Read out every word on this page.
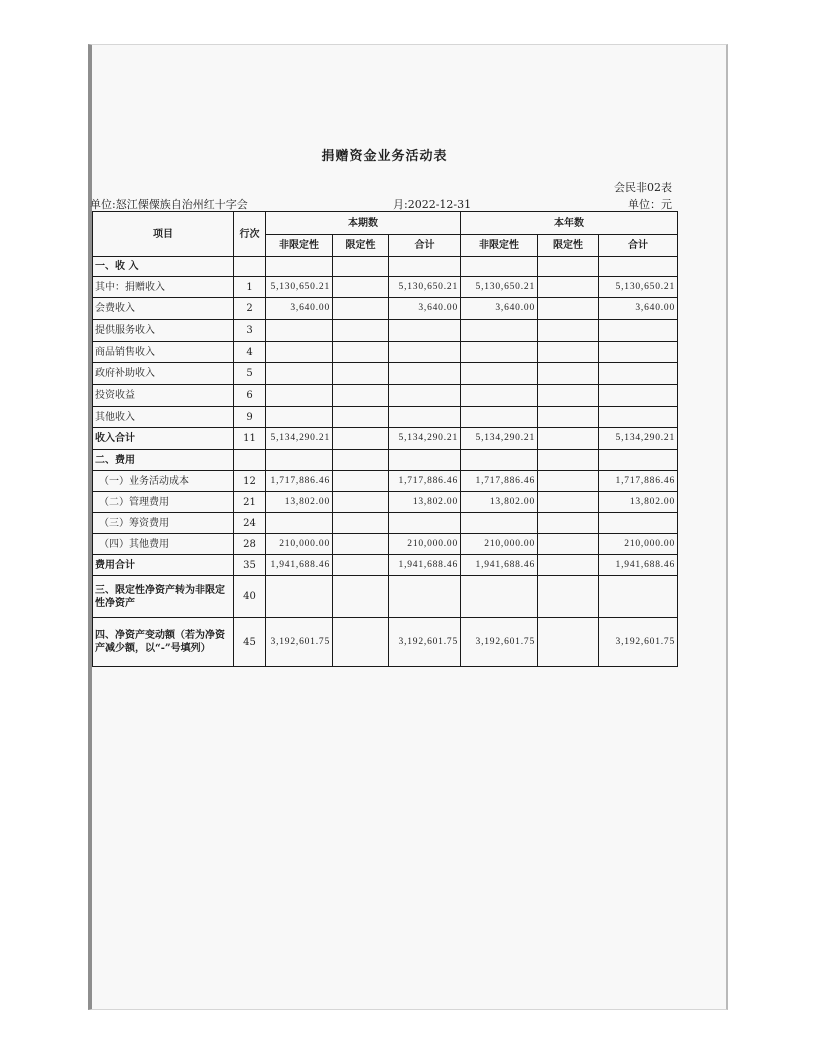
捐赠资金业务活动表
会民非02表
单位:怒江傈僳族自治州红十字会	月:2022-12-31	单位：元
项目	行次	本期数			本年数		
		非限定性	限定性	合计	非限定性	限定性	合计
一、收 入							
其中：捐赠收入	1	5,130,650.21		5,130,650.21	5,130,650.21		5,130,650.21
会费收入	2	3,640.00		3,640.00	3,640.00		3,640.00
提供服务收入	3						
商品销售收入	4						
政府补助收入	5						
投资收益	6						
其他收入	9						
收入合计	11	5,134,290.21		5,134,290.21	5,134,290.21		5,134,290.21
二、费用							
（一）业务活动成本	12	1,717,886.46		1,717,886.46	1,717,886.46		1,717,886.46
（二）管理费用	21	13,802.00		13,802.00	13,802.00		13,802.00
（三）筹资费用	24						
（四）其他费用	28	210,000.00		210,000.00	210,000.00		210,000.00
费用合计	35	1,941,688.46		1,941,688.46	1,941,688.46		1,941,688.46
三、限定性净资产转为非限定性净资产	40						
四、净资产变动额（若为净资产减少额，以“-”号填列）	45	3,192,601.75		3,192,601.75	3,192,601.75		3,192,601.75
